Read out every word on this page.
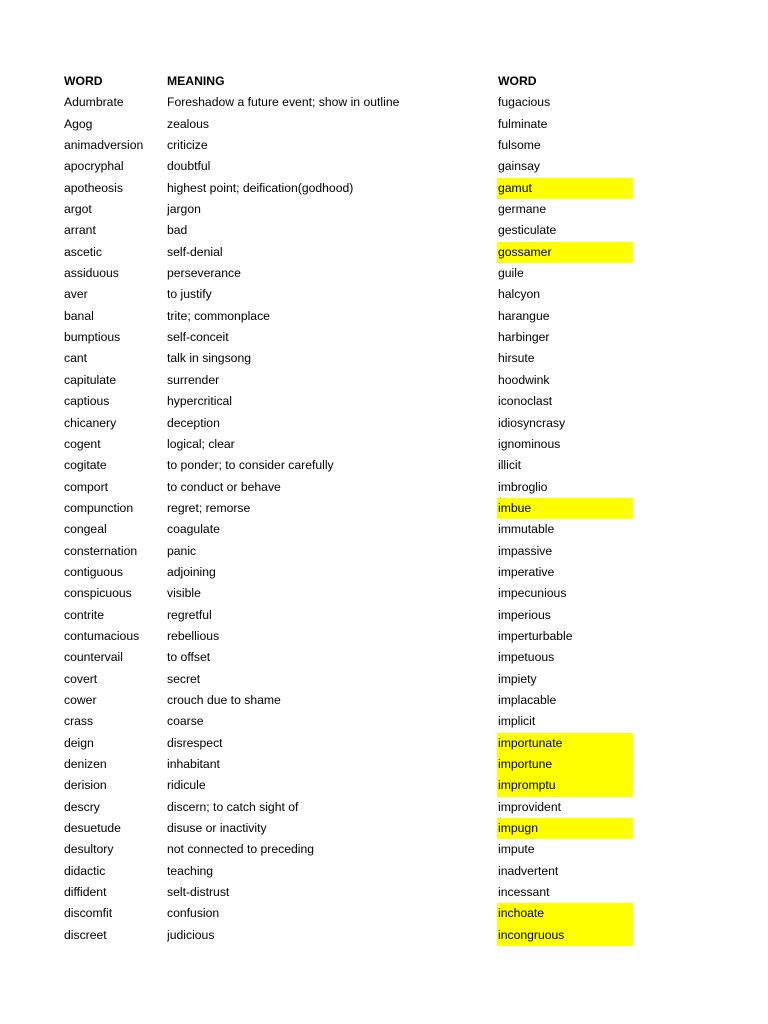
WORD	MEANING	WORD
Adumbrate	Foreshadow a future event; show in outline	fugacious
Agog	zealous	fulminate
animadversion	criticize	fulsome
apocryphal	doubtful	gainsay
apotheosis	highest point; deification(godhood)	gamut
argot	jargon	germane
arrant	bad	gesticulate
ascetic	self-denial	gossamer
assiduous	perseverance	guile
aver	to justify	halcyon
banal	trite; commonplace	harangue
bumptious	self-conceit	harbinger
cant	talk in singsong	hirsute
capitulate	surrender	hoodwink
captious	hypercritical	iconoclast
chicanery	deception	idiosyncrasy
cogent	logical; clear	ignominous
cogitate	to ponder; to consider carefully	illicit
comport	to conduct or behave	imbroglio
compunction	regret; remorse	imbue
congeal	coagulate	immutable
consternation	panic	impassive
contiguous	adjoining	imperative
conspicuous	visible	impecunious
contrite	regretful	imperious
contumacious	rebellious	imperturbable
countervail	to offset	impetuous
covert	secret	impiety
cower	crouch due to shame	implacable
crass	coarse	implicit
deign	disrespect	importunate
denizen	inhabitant	importune
derision	ridicule	impromptu
descry	discern; to catch sight of	improvident
desuetude	disuse or inactivity	impugn
desultory	not connected to preceding	impute
didactic	teaching	inadvertent
diffident	selt-distrust	incessant
discomfit	confusion	inchoate
discreet	judicious	incongruous
